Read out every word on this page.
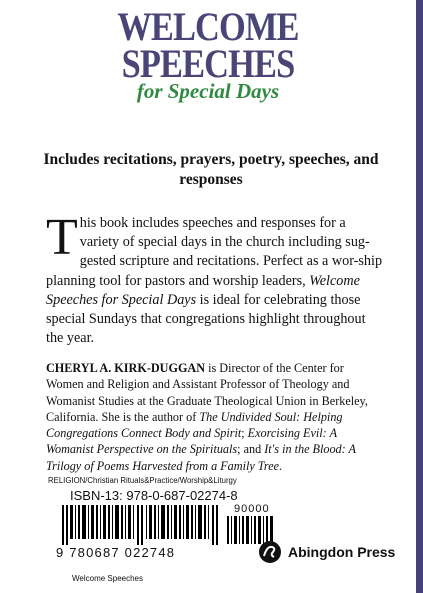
WELCOME
SPEECHES
for Special Days
Includes recitations, prayers, poetry, speeches, and responses
This book includes speeches and responses for a variety of special days in the church including sug-gested scripture and recitations. Perfect as a wor-ship planning tool for pastors and worship leaders, Welcome Speeches for Special Days is ideal for celebrating those special Sundays that congregations highlight throughout the year.
CHERYL A. KIRK-DUGGAN is Director of the Center for Women and Religion and Assistant Professor of Theology and Womanist Studies at the Graduate Theological Union in Berkeley, California. She is the author of The Undivided Soul: Helping Congregations Connect Body and Spirit; Exorcising Evil: A Womanist Perspective on the Spirituals; and It's in the Blood: A Trilogy of Poems Harvested from a Family Tree.
RELIGION/Christian Rituals&Practice/Worship&Liturgy
ISBN-13: 978-0-687-02274-8
90000
9 780687 022748	Abingdon Press
Welcome Speeches
